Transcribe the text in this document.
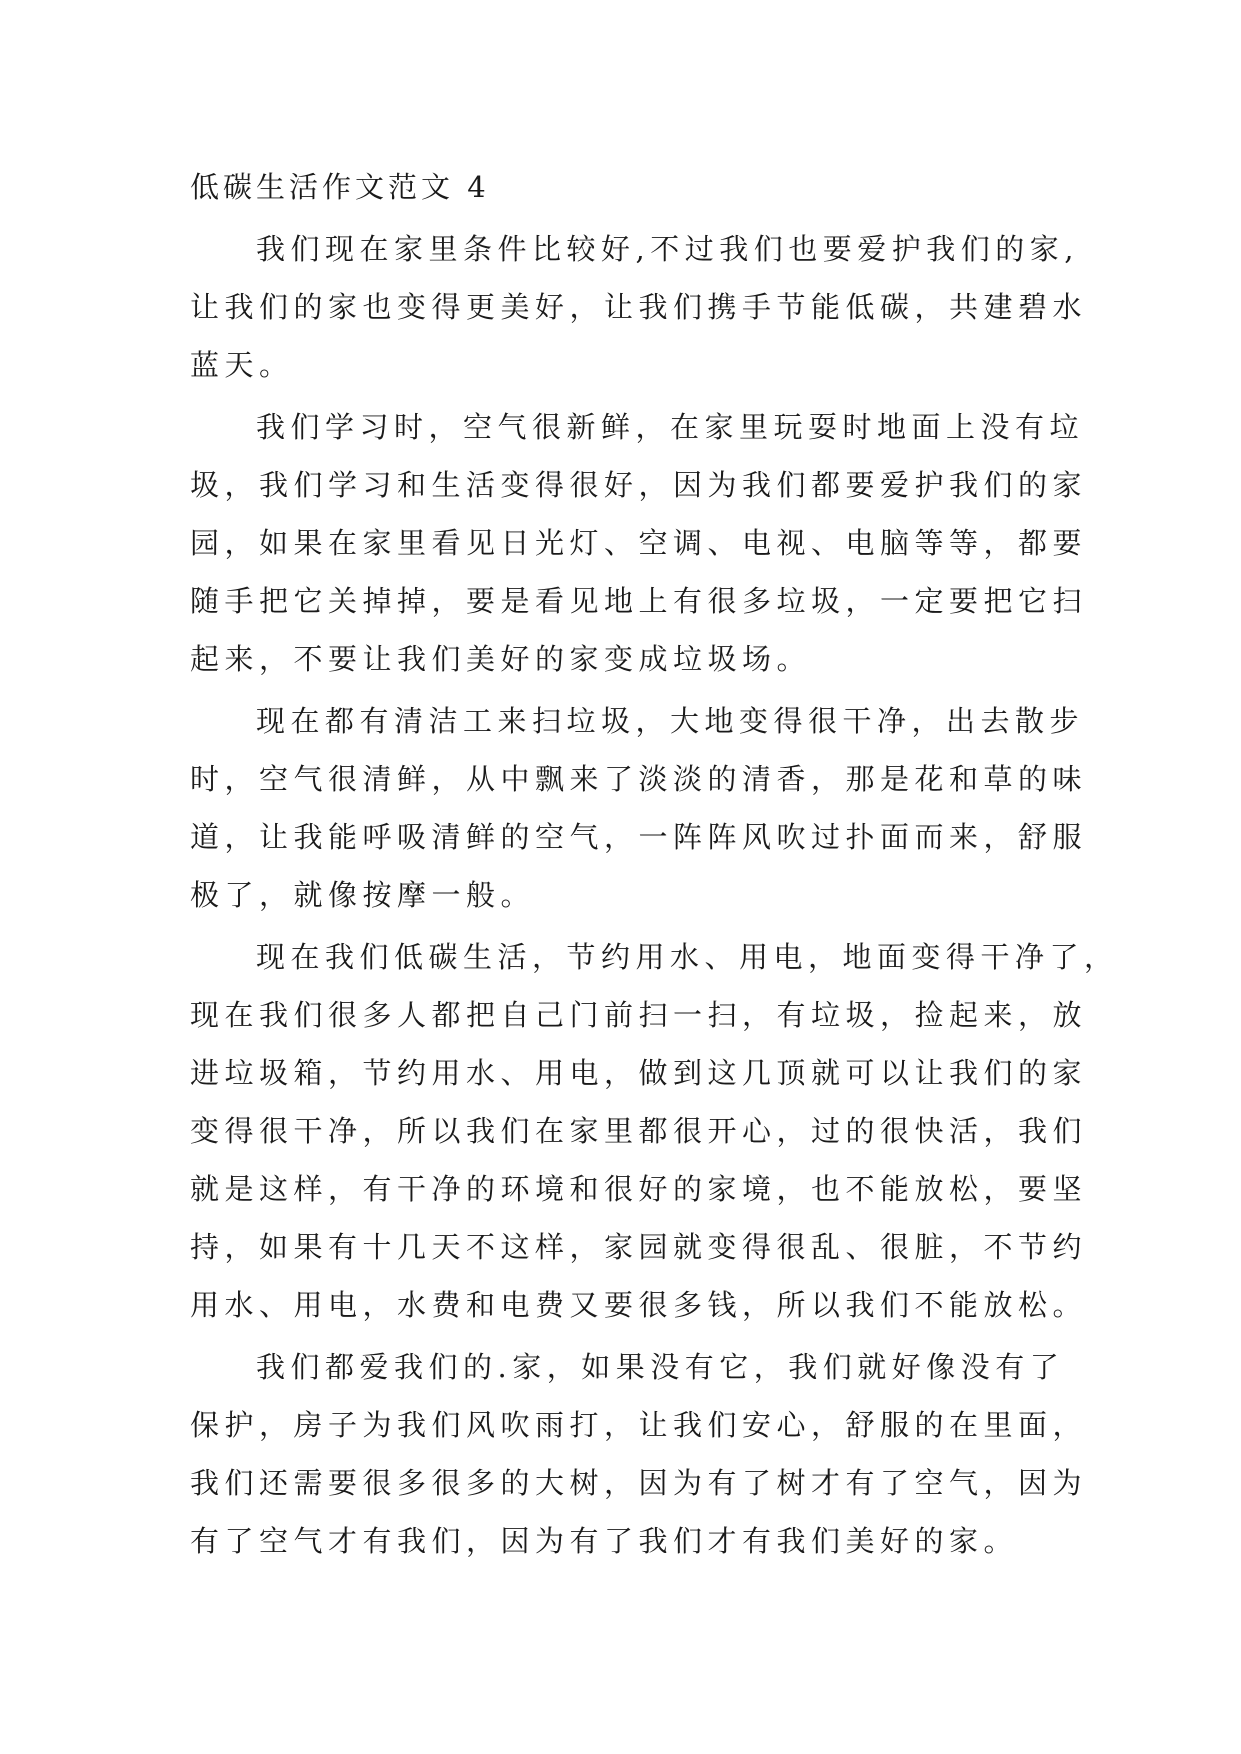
低碳生活作文范文 4
我们现在家里条件比较好,不过我们也要爱护我们的家,
让我们的家也变得更美好，让我们携手节能低碳，共建碧水
蓝天。
我们学习时，空气很新鲜，在家里玩耍时地面上没有垃
圾，我们学习和生活变得很好，因为我们都要爱护我们的家
园，如果在家里看见日光灯、空调、电视、电脑等等，都要
随手把它关掉掉，要是看见地上有很多垃圾，一定要把它扫
起来，不要让我们美好的家变成垃圾场。
现在都有清洁工来扫垃圾，大地变得很干净，出去散步
时，空气很清鲜，从中飘来了淡淡的清香，那是花和草的味
道，让我能呼吸清鲜的空气，一阵阵风吹过扑面而来，舒服
极了，就像按摩一般。
现在我们低碳生活，节约用水、用电，地面变得干净了，
现在我们很多人都把自己门前扫一扫，有垃圾，捡起来，放
进垃圾箱，节约用水、用电，做到这几顶就可以让我们的家
变得很干净，所以我们在家里都很开心，过的很快活，我们
就是这样，有干净的环境和很好的家境，也不能放松，要坚
持，如果有十几天不这样，家园就变得很乱、很脏，不节约
用水、用电，水费和电费又要很多钱，所以我们不能放松。
我们都爱我们的.家，如果没有它，我们就好像没有了
保护，房子为我们风吹雨打，让我们安心，舒服的在里面，
我们还需要很多很多的大树，因为有了树才有了空气，因为
有了空气才有我们，因为有了我们才有我们美好的家。
